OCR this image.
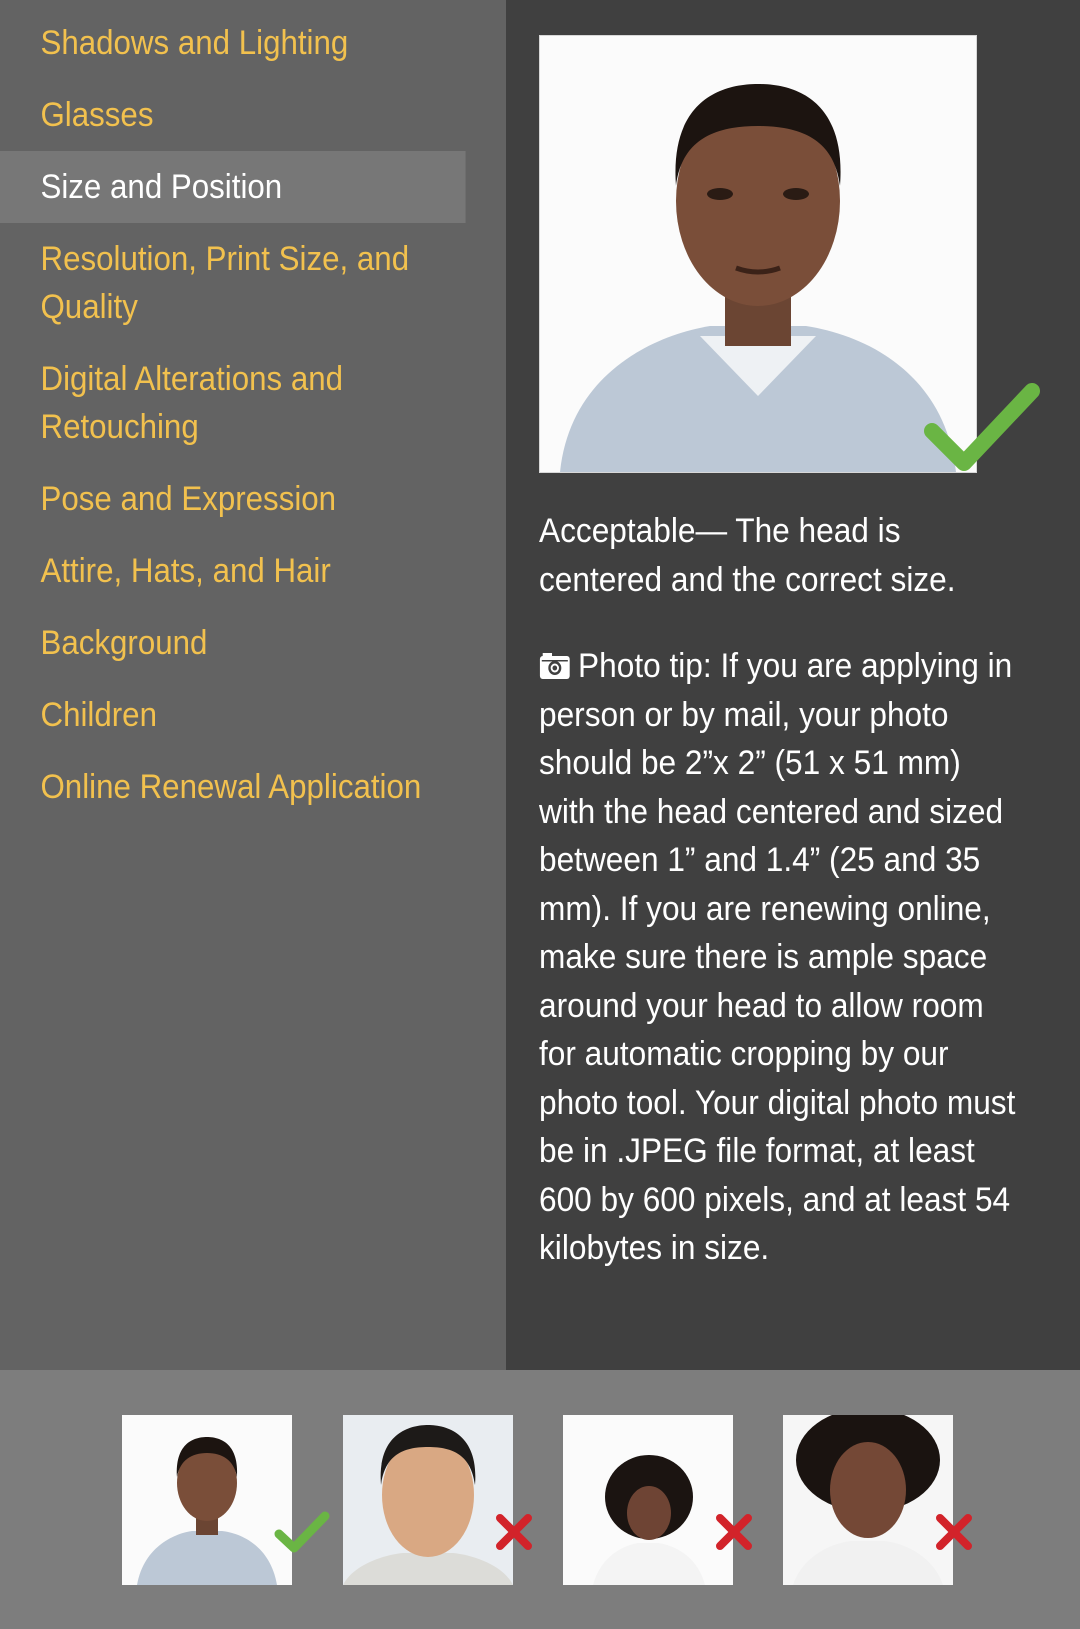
Shadows and Lighting
Glasses
Size and Position
Resolution, Print Size, and Quality
Digital Alterations and Retouching
Pose and Expression
Attire, Hats, and Hair
Background
Children
Online Renewal Application
Acceptable— The head is centered and the correct size.
Photo tip: If you are applying in person or by mail, your photo should be 2”x 2” (51 x 51 mm) with the head centered and sized between 1” and 1.4” (25 and 35 mm). If you are renewing online, make sure there is ample space around your head to allow room for automatic cropping by our photo tool. Your digital photo must be in .JPEG file format, at least 600 by 600 pixels, and at least 54 kilobytes in size.
